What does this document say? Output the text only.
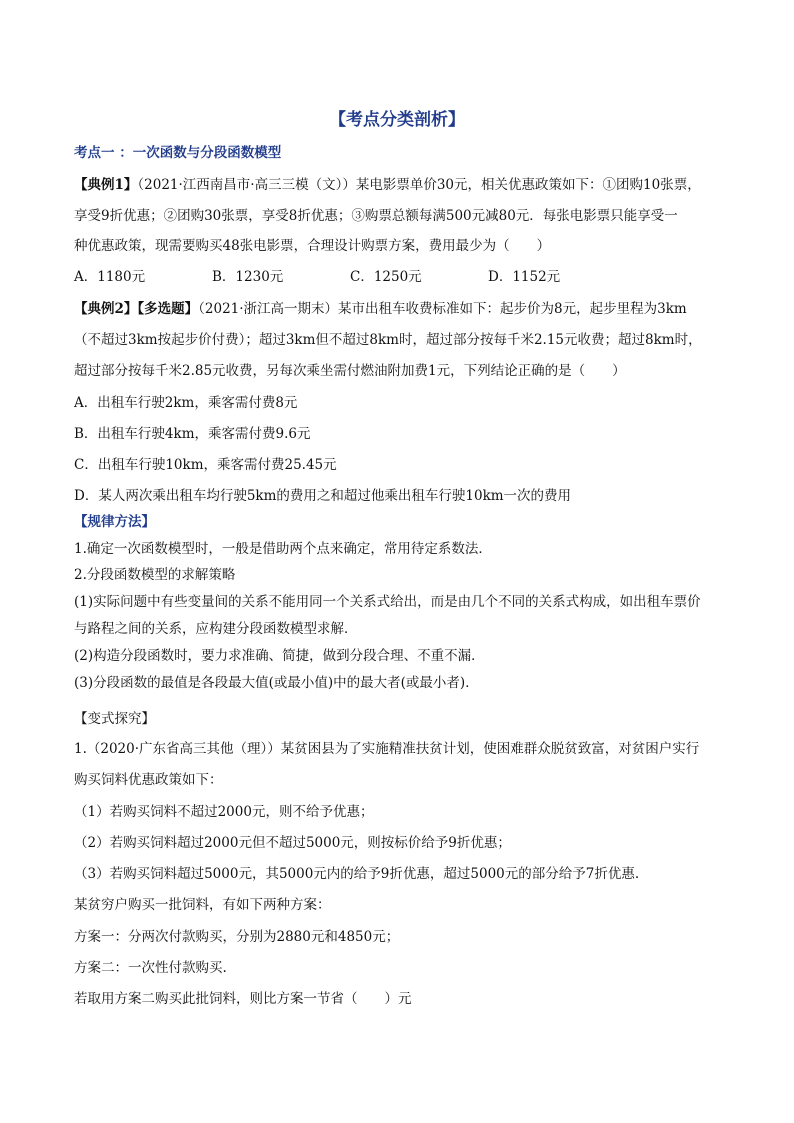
【考点分类剖析】
考点一 ：一次函数与分段函数模型
【典例1】（2021·江西南昌市·高三三模（文））某电影票单价30元，相关优惠政策如下：①团购10张票，
享受9折优惠；②团购30张票，享受8折优惠；③购票总额每满500元减80元．每张电影票只能享受一
种优惠政策，现需要购买48张电影票，合理设计购票方案，费用最少为（　　）
A．1180元	B．1230元	C．1250元	D．1152元
【典例2】【多选题】（2021·浙江高一期末）某市出租车收费标准如下：起步价为8元，起步里程为3km
（不超过3km按起步价付费）；超过3km但不超过8km时，超过部分按每千米2.15元收费；超过8km时，
超过部分按每千米2.85元收费，另每次乘坐需付燃油附加费1元，下列结论正确的是（　　）
A．出租车行驶2km，乘客需付费8元
B．出租车行驶4km，乘客需付费9.6元
C．出租车行驶10km，乘客需付费25.45元
D．某人两次乘出租车均行驶5km的费用之和超过他乘出租车行驶10km一次的费用
【规律方法】
1.确定一次函数模型时，一般是借助两个点来确定，常用待定系数法．
2.分段函数模型的求解策略
(1)实际问题中有些变量间的关系不能用同一个关系式给出，而是由几个不同的关系式构成，如出租车票价
与路程之间的关系，应构建分段函数模型求解．
(2)构造分段函数时，要力求准确、简捷，做到分段合理、不重不漏．
(3)分段函数的最值是各段最大值(或最小值)中的最大者(或最小者)．
【变式探究】
1.（2020·广东省高三其他（理））某贫困县为了实施精准扶贫计划，使困难群众脱贫致富，对贫困户实行
购买饲料优惠政策如下：
（1）若购买饲料不超过2000元，则不给予优惠；
（2）若购买饲料超过2000元但不超过5000元，则按标价给予9折优惠；
（3）若购买饲料超过5000元，其5000元内的给予9折优惠，超过5000元的部分给予7折优惠.
某贫穷户购买一批饲料，有如下两种方案：
方案一：分两次付款购买，分别为2880元和4850元；
方案二：一次性付款购买.
若取用方案二购买此批饲料，则比方案一节省（　　）元
